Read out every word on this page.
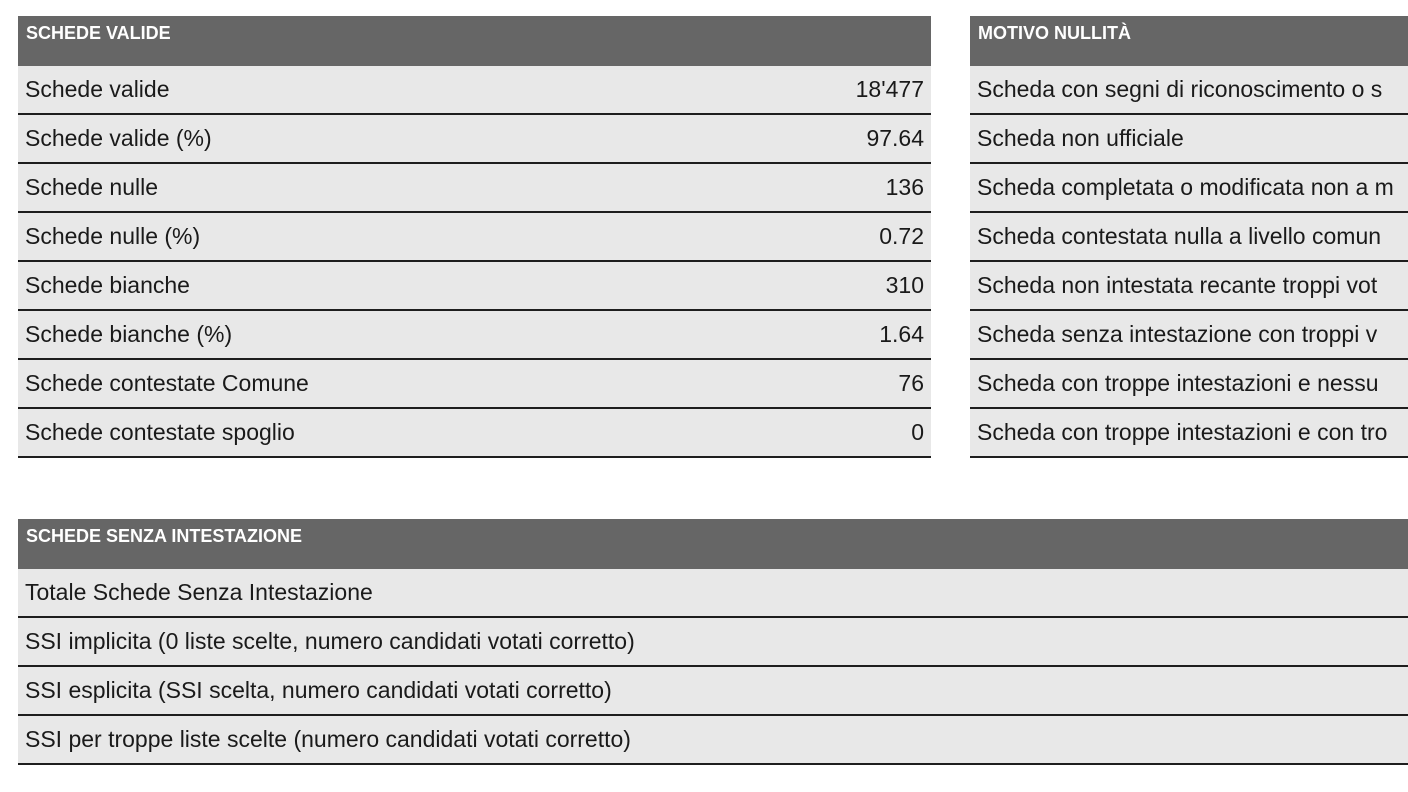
SCHEDE VALIDE
Schede valide	18'477
Schede valide (%)	97.64
Schede nulle	136
Schede nulle (%)	0.72
Schede bianche	310
Schede bianche (%)	1.64
Schede contestate Comune	76
Schede contestate spoglio	0
MOTIVO NULLITÀ
Scheda con segni di riconoscimento o s
Scheda non ufficiale
Scheda completata o modificata non a m
Scheda contestata nulla a livello comun
Scheda non intestata recante troppi vot
Scheda senza intestazione con troppi v
Scheda con troppe intestazioni e nessu
Scheda con troppe intestazioni e con tro
SCHEDE SENZA INTESTAZIONE
Totale Schede Senza Intestazione
SSI implicita (0 liste scelte, numero candidati votati corretto)
SSI esplicita (SSI scelta, numero candidati votati corretto)
SSI per troppe liste scelte (numero candidati votati corretto)
